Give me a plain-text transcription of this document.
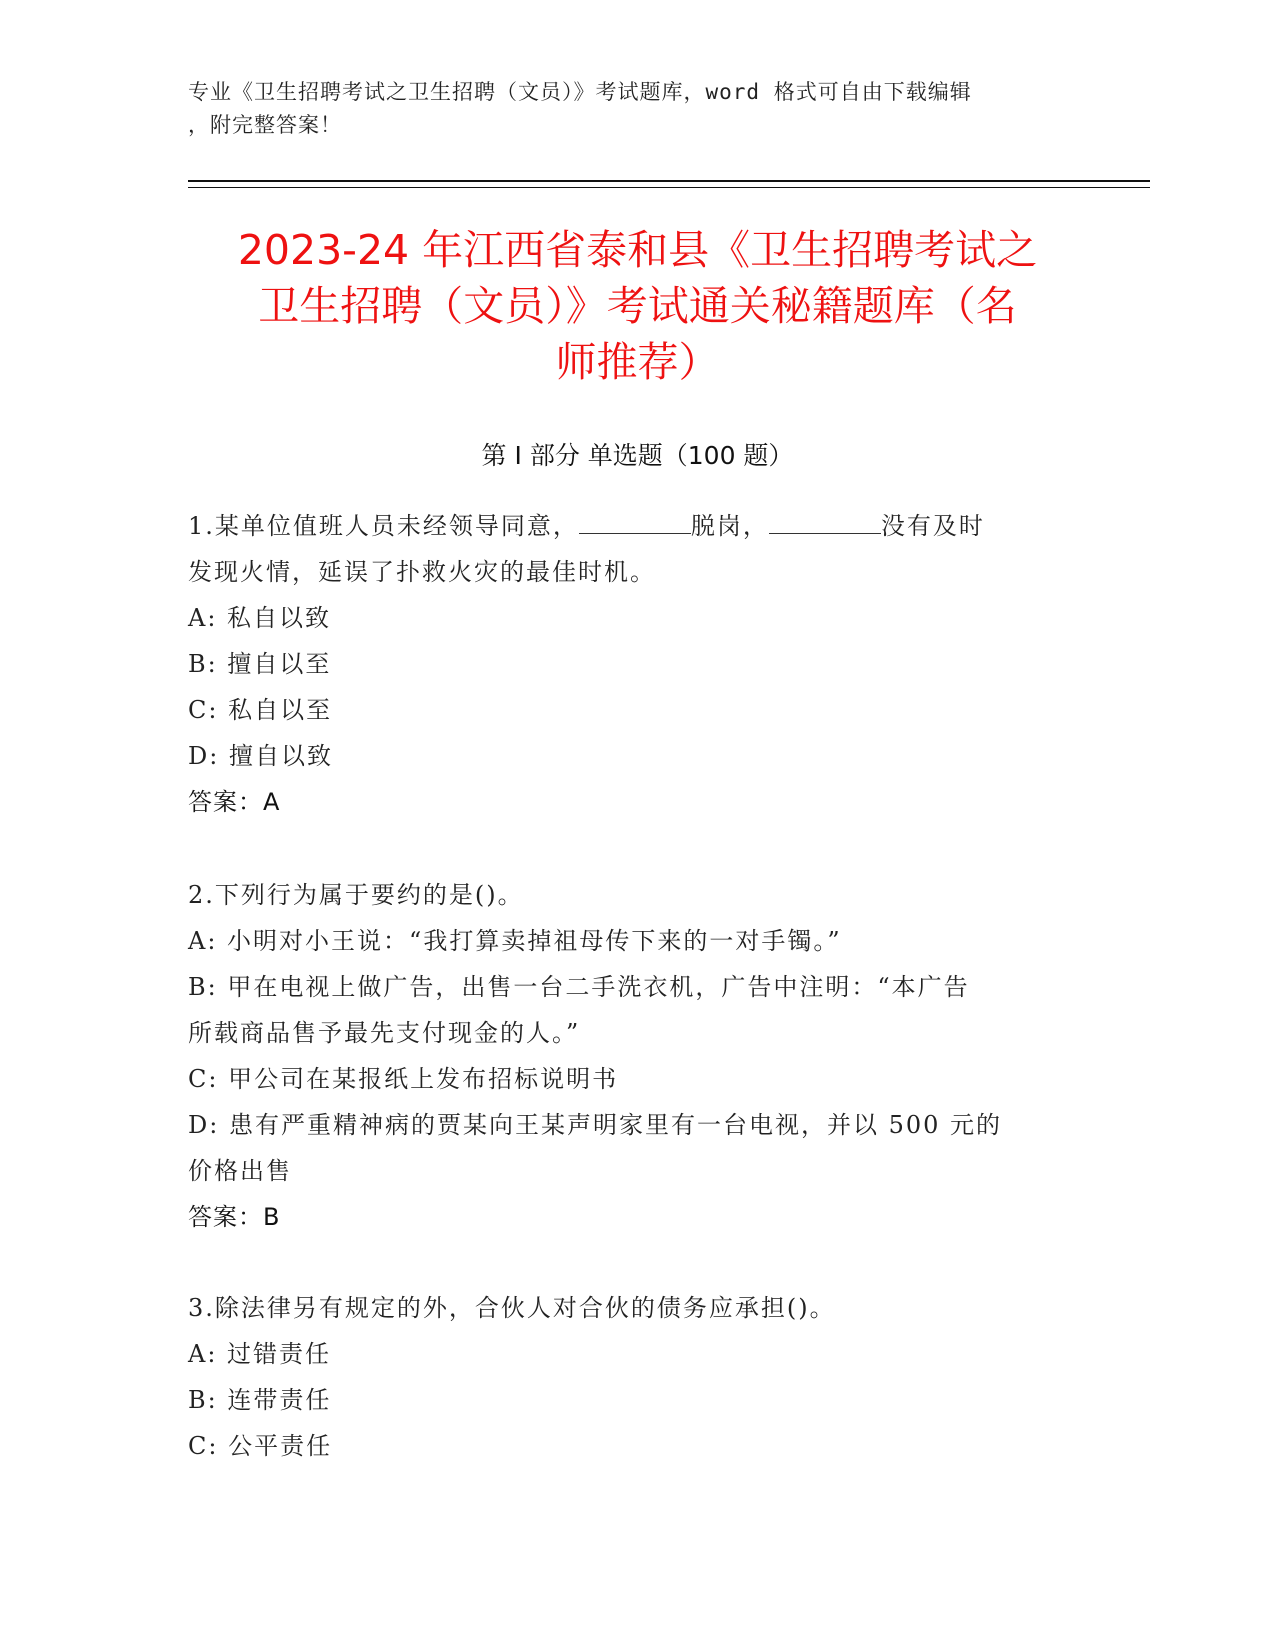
专业《卫生招聘考试之卫生招聘（文员）》考试题库，word 格式可自由下载编辑
，附完整答案！
2023-24 年江西省泰和县《卫生招聘考试之
卫生招聘（文员）》考试通关秘籍题库（名
师推荐）
第 I 部分 单选题（100 题）
1.某单位值班人员未经领导同意，	脱岗，	没有及时
发现火情，延误了扑救火灾的最佳时机。
A: 私自以致
B: 擅自以至
C: 私自以至
D: 擅自以致
答案：A
2.下列行为属于要约的是()。
A: 小明对小王说：“我打算卖掉祖母传下来的一对手镯。”
B: 甲在电视上做广告，出售一台二手洗衣机，广告中注明：“本广告
所载商品售予最先支付现金的人。”
C: 甲公司在某报纸上发布招标说明书
D: 患有严重精神病的贾某向王某声明家里有一台电视，并以 500 元的
价格出售
答案：B
3.除法律另有规定的外，合伙人对合伙的债务应承担()。
A: 过错责任
B: 连带责任
C: 公平责任
